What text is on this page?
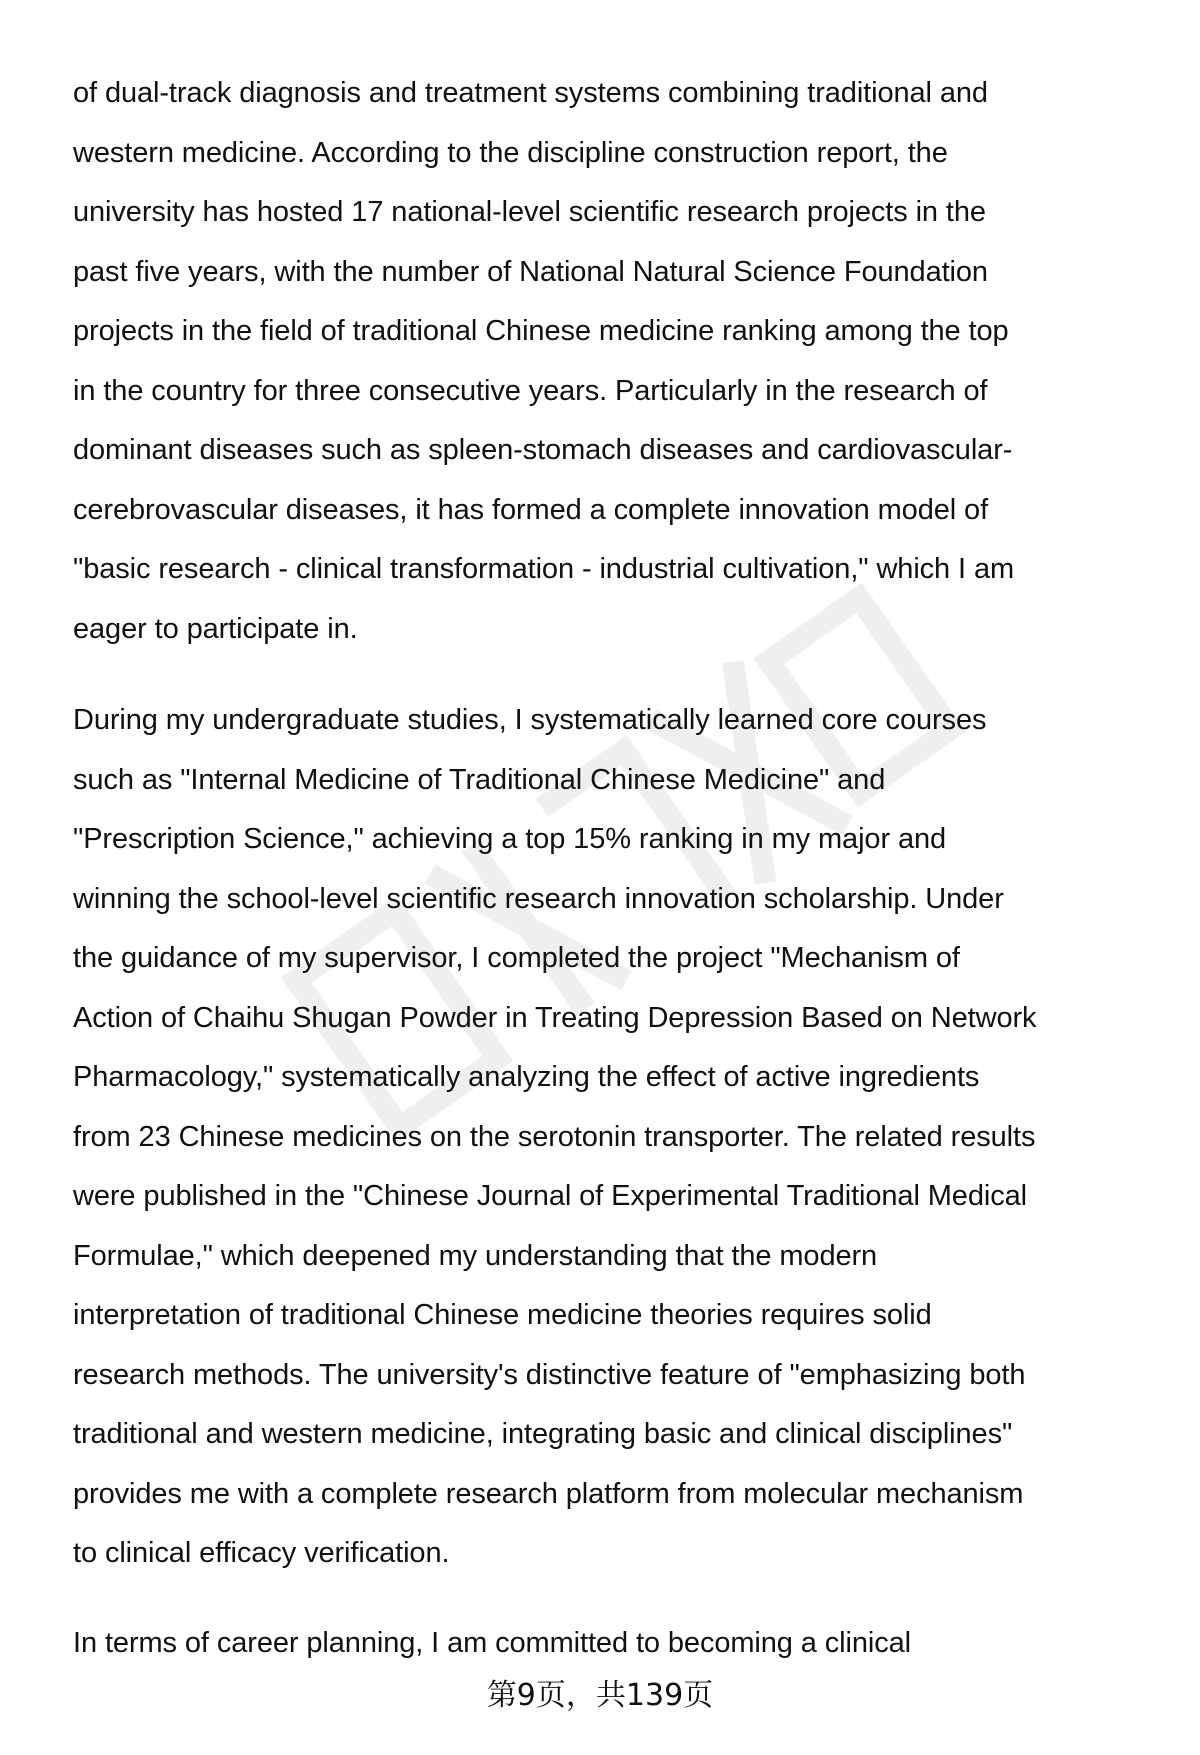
of dual-track diagnosis and treatment systems combining traditional and
western medicine. According to the discipline construction report, the
university has hosted 17 national-level scientific research projects in the
past five years, with the number of National Natural Science Foundation
projects in the field of traditional Chinese medicine ranking among the top
in the country for three consecutive years. Particularly in the research of
dominant diseases such as spleen-stomach diseases and cardiovascular-
cerebrovascular diseases, it has formed a complete innovation model of
"basic research - clinical transformation - industrial cultivation," which I am
eager to participate in.
During my undergraduate studies, I systematically learned core courses
such as "Internal Medicine of Traditional Chinese Medicine" and
"Prescription Science," achieving a top 15% ranking in my major and
winning the school-level scientific research innovation scholarship. Under
the guidance of my supervisor, I completed the project "Mechanism of
Action of Chaihu Shugan Powder in Treating Depression Based on Network
Pharmacology," systematically analyzing the effect of active ingredients
from 23 Chinese medicines on the serotonin transporter. The related results
were published in the "Chinese Journal of Experimental Traditional Medical
Formulae," which deepened my understanding that the modern
interpretation of traditional Chinese medicine theories requires solid
research methods. The university's distinctive feature of "emphasizing both
traditional and western medicine, integrating basic and clinical disciplines"
provides me with a complete research platform from molecular mechanism
to clinical efficacy verification.
In terms of career planning, I am committed to becoming a clinical
第9页，共139页
